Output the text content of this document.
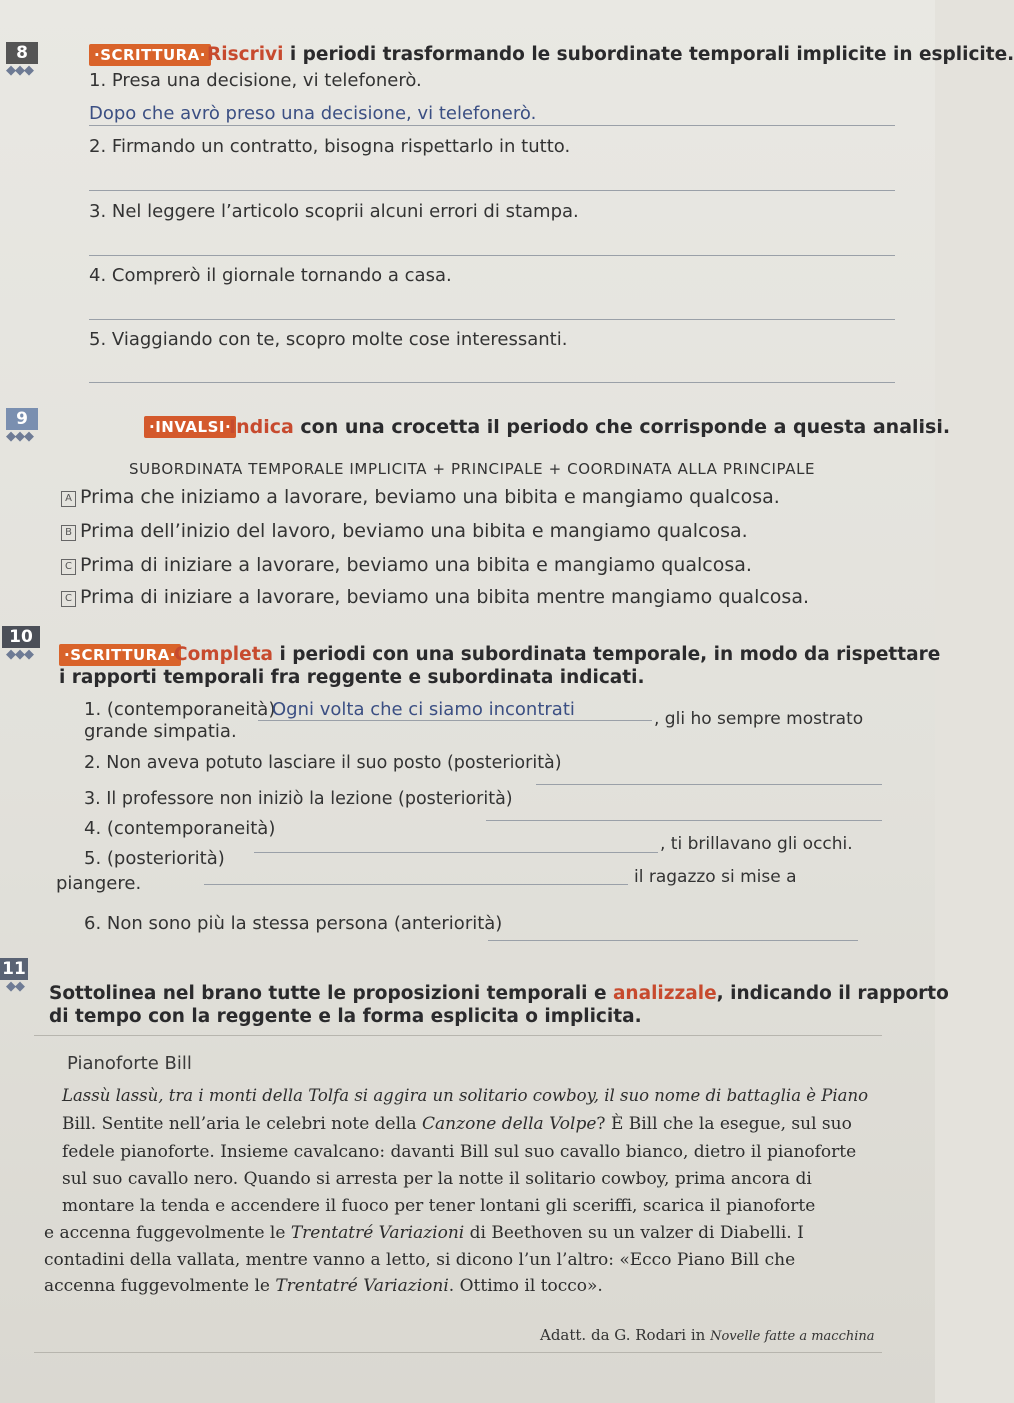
8
◆◆◆
·SCRITTURA· Riscrivi i periodi trasformando le subordinate temporali implicite in esplicite.
1. Presa una decisione, vi telefonerò.
Dopo che avrò preso una decisione, vi telefonerò.
2. Firmando un contratto, bisogna rispettarlo in tutto.
3. Nel leggere l’articolo scoprii alcuni errori di stampa.
4. Comprerò il giornale tornando a casa.
5. Viaggiando con te, scopro molte cose interessanti.
9
◆◆◆
·INVALSI·
Indica con una crocetta il periodo che corrisponde a questa analisi.
SUBORDINATA TEMPORALE IMPLICITA + PRINCIPALE + COORDINATA ALLA PRINCIPALE
A Prima che iniziamo a lavorare, beviamo una bibita e mangiamo qualcosa.
B Prima dell’inizio del lavoro, beviamo una bibita e mangiamo qualcosa.
C Prima di iniziare a lavorare, beviamo una bibita e mangiamo qualcosa.
C Prima di iniziare a lavorare, beviamo una bibita mentre mangiamo qualcosa.
10
◆◆◆	·SCRITTURA·
Completa i periodi con una subordinata temporale, in modo da rispettare
i rapporti temporali fra reggente e subordinata indicati.
1. (contemporaneità)
Ogni volta che ci siamo incontrati	, gli ho sempre mostrato
grande simpatia.
2. Non aveva potuto lasciare il suo posto (posteriorità)
3. Il professore non iniziò la lezione (posteriorità)
4. (contemporaneità)
, ti brillavano gli occhi.
5. (posteriorità)
il ragazzo si mise a
piangere.
6. Non sono più la stessa persona (anteriorità)
11
◆◆ Sottolinea nel brano tutte le proposizioni temporali e analizzale, indicando il rapporto
di tempo con la reggente e la forma esplicita o implicita.
Pianoforte Bill
Lassù lassù, tra i monti della Tolfa si aggira un solitario cowboy, il suo nome di battaglia è Piano
Bill. Sentite nell’aria le celebri note della Canzone della Volpe? È Bill che la esegue, sul suo
fedele pianoforte. Insieme cavalcano: davanti Bill sul suo cavallo bianco, dietro il pianoforte
sul suo cavallo nero. Quando si arresta per la notte il solitario cowboy, prima ancora di
montare la tenda e accendere il fuoco per tener lontani gli sceriffi, scarica il pianoforte
e accenna fuggevolmente le Trentatré Variazioni di Beethoven su un valzer di Diabelli. I
contadini della vallata, mentre vanno a letto, si dicono l’un l’altro: «Ecco Piano Bill che
accenna fuggevolmente le Trentatré Variazioni. Ottimo il tocco».
Adatt. da G. Rodari in Novelle fatte a macchina
